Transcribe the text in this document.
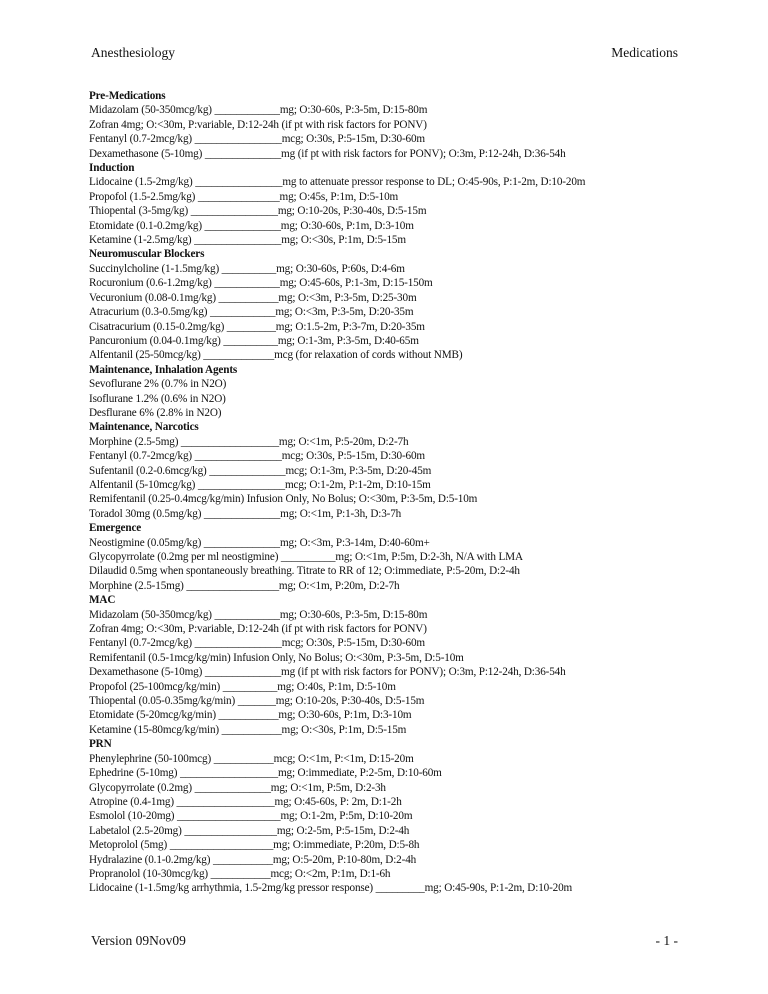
Anesthesiology	Medications
Pre-Medications
Midazolam (50-350mcg/kg) ____________mg; O:30-60s, P:3-5m, D:15-80m
Zofran 4mg; O:<30m, P:variable, D:12-24h (if pt with risk factors for PONV)
Fentanyl (0.7-2mcg/kg) ________________mcg; O:30s, P:5-15m, D:30-60m
Dexamethasone (5-10mg) ______________mg (if pt with risk factors for PONV); O:3m, P:12-24h, D:36-54h
Induction
Lidocaine (1.5-2mg/kg) ________________mg to attenuate pressor response to DL; O:45-90s, P:1-2m, D:10-20m
Propofol (1.5-2.5mg/kg) _______________mg; O:45s, P:1m, D:5-10m
Thiopental (3-5mg/kg) ________________mg; O:10-20s, P:30-40s, D:5-15m
Etomidate (0.1-0.2mg/kg) ______________mg; O:30-60s, P:1m, D:3-10m
Ketamine (1-2.5mg/kg) ________________mg; O:<30s, P:1m, D:5-15m
Neuromuscular Blockers
Succinylcholine (1-1.5mg/kg) __________mg; O:30-60s, P:60s, D:4-6m
Rocuronium (0.6-1.2mg/kg) ____________mg; O:45-60s, P:1-3m, D:15-150m
Vecuronium (0.08-0.1mg/kg) ___________mg; O:<3m, P:3-5m, D:25-30m
Atracurium (0.3-0.5mg/kg) ____________mg; O:<3m, P:3-5m, D:20-35m
Cisatracurium (0.15-0.2mg/kg) _________mg; O:1.5-2m, P:3-7m, D:20-35m
Pancuronium (0.04-0.1mg/kg) __________mg; O:1-3m, P:3-5m, D:40-65m
Alfentanil (25-50mcg/kg) _____________mcg (for relaxation of cords without NMB)
Maintenance, Inhalation Agents
Sevoflurane 2% (0.7% in N2O)
Isoflurane 1.2% (0.6% in N2O)
Desflurane 6% (2.8% in N2O)
Maintenance, Narcotics
Morphine (2.5-5mg) __________________mg; O:<1m, P:5-20m, D:2-7h
Fentanyl (0.7-2mcg/kg) ________________mcg; O:30s, P:5-15m, D:30-60m
Sufentanil (0.2-0.6mcg/kg) ______________mcg; O:1-3m, P:3-5m, D:20-45m
Alfentanil (5-10mcg/kg) ________________mcg; O:1-2m, P:1-2m, D:10-15m
Remifentanil (0.25-0.4mcg/kg/min) Infusion Only, No Bolus; O:<30m, P:3-5m, D:5-10m
Toradol 30mg (0.5mg/kg) ______________mg; O:<1m, P:1-3h, D:3-7h
Emergence
Neostigmine (0.05mg/kg) ______________mg; O:<3m, P:3-14m, D:40-60m+
Glycopyrrolate (0.2mg per ml neostigmine) __________mg; O:<1m, P:5m, D:2-3h, N/A with LMA
Dilaudid 0.5mg when spontaneously breathing. Titrate to RR of 12; O:immediate, P:5-20m, D:2-4h
Morphine (2.5-15mg) _________________mg; O:<1m, P:20m, D:2-7h
MAC
Midazolam (50-350mcg/kg) ____________mg; O:30-60s, P:3-5m, D:15-80m
Zofran 4mg; O:<30m, P:variable, D:12-24h (if pt with risk factors for PONV)
Fentanyl (0.7-2mcg/kg) ________________mcg; O:30s, P:5-15m, D:30-60m
Remifentanil (0.5-1mcg/kg/min) Infusion Only, No Bolus; O:<30m, P:3-5m, D:5-10m
Dexamethasone (5-10mg) ______________mg (if pt with risk factors for PONV); O:3m, P:12-24h, D:36-54h
Propofol (25-100mcg/kg/min) __________mg; O:40s, P:1m, D:5-10m
Thiopental (0.05-0.35mg/kg/min) _______mg; O:10-20s, P:30-40s, D:5-15m
Etomidate (5-20mcg/kg/min) ___________mg; O:30-60s, P:1m, D:3-10m
Ketamine (15-80mcg/kg/min) ___________mg; O:<30s, P:1m, D:5-15m
PRN
Phenylephrine (50-100mcg) ___________mcg; O:<1m, P:<1m, D:15-20m
Ephedrine (5-10mg) __________________mg; O:immediate, P:2-5m, D:10-60m
Glycopyrrolate (0.2mg) ______________mg; O:<1m, P:5m, D:2-3h
Atropine (0.4-1mg) __________________mg; O:45-60s, P: 2m, D:1-2h
Esmolol (10-20mg) ___________________mg; O:1-2m, P:5m, D:10-20m
Labetalol (2.5-20mg) _________________mg; O:2-5m, P:5-15m, D:2-4h
Metoprolol (5mg) ___________________mg; O:immediate, P:20m, D:5-8h
Hydralazine (0.1-0.2mg/kg) ___________mg; O:5-20m, P:10-80m, D:2-4h
Propranolol (10-30mcg/kg) ___________mcg; O:<2m, P:1m, D:1-6h
Lidocaine (1-1.5mg/kg arrhythmia, 1.5-2mg/kg pressor response) _________mg; O:45-90s, P:1-2m, D:10-20m
Version 09Nov09	- 1 -
